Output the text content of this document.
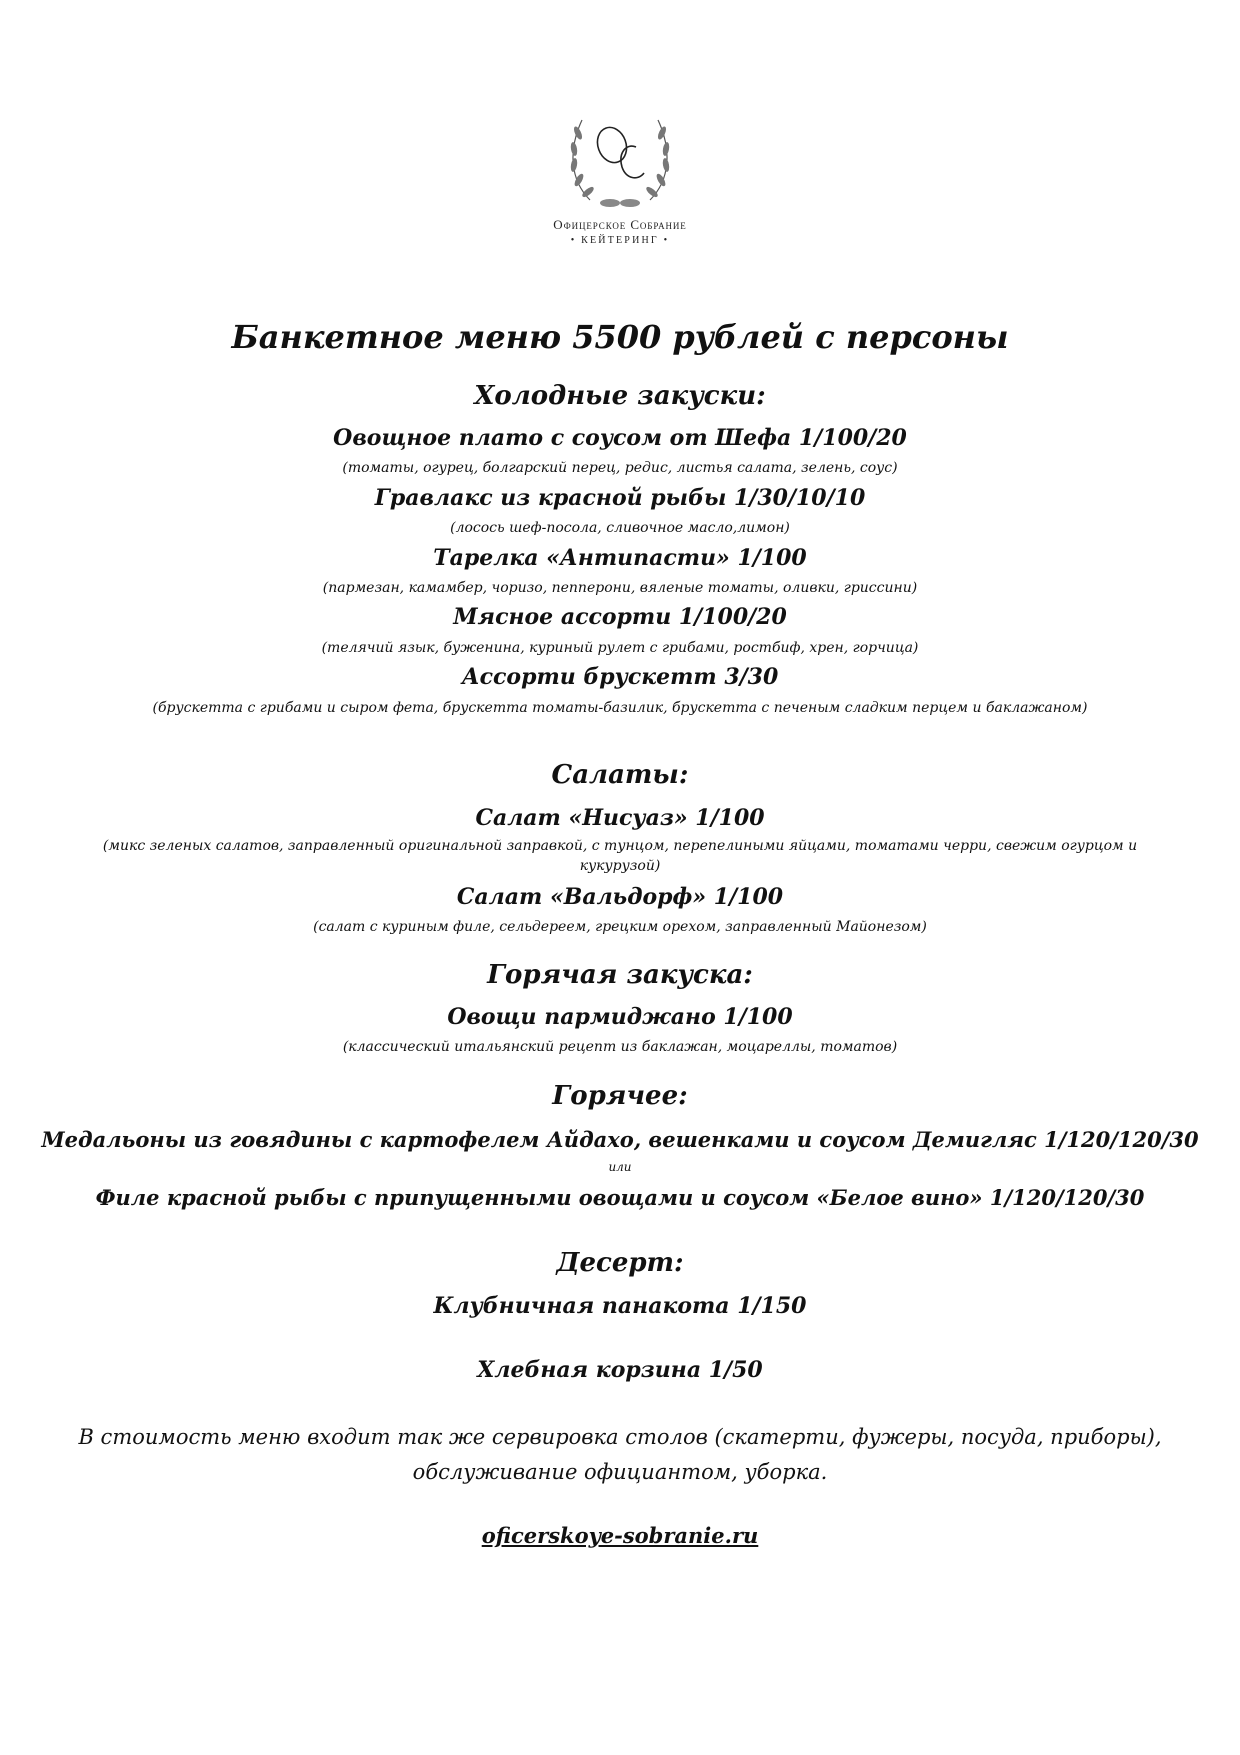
Офицерское Собрание
• КЕЙТЕРИНГ •
Банкетное меню 5500 рублей с персоны
Холодные закуски:
Овощное плато с соусом от Шефа 1/100/20
(томаты, огурец, болгарский перец, редис, листья салата, зелень, соус)
Гравлакс из красной рыбы 1/30/10/10
(лосось шеф-посола, сливочное масло,лимон)
Тарелка «Антипасти» 1/100
(пармезан, камамбер, чоризо, пепперони, вяленые томаты, оливки, гриссини)
Мясное ассорти 1/100/20
(телячий язык, буженина, куриный рулет с грибами, ростбиф, хрен, горчица)
Ассорти брускетт 3/30
(брускетта с грибами и сыром фета, брускетта томаты-базилик, брускетта с печеным сладким перцем и баклажаном)
Салаты:
Салат «Нисуаз» 1/100
(микс зеленых салатов, заправленный оригинальной заправкой, с тунцом, перепелиными яйцами, томатами черри, свежим огурцом и
кукурузой)
Салат «Вальдорф» 1/100
(салат с куриным филе, сельдереем, грецким орехом, заправленный Майонезом)
Горячая закуска:
Овощи пармиджано 1/100
(классический итальянский рецепт из баклажан, моцареллы, томатов)
Горячее:
Медальоны из говядины с картофелем Айдахо, вешенками и соусом Демигляс 1/120/120/30
или
Филе красной рыбы с припущенными овощами и соусом «Белое вино» 1/120/120/30
Десерт:
Клубничная панакота 1/150
Хлебная корзина 1/50
В стоимость меню входит так же сервировка столов (скатерти, фужеры, посуда, приборы),
обслуживание официантом, уборка.
oficerskoye-sobranie.ru
